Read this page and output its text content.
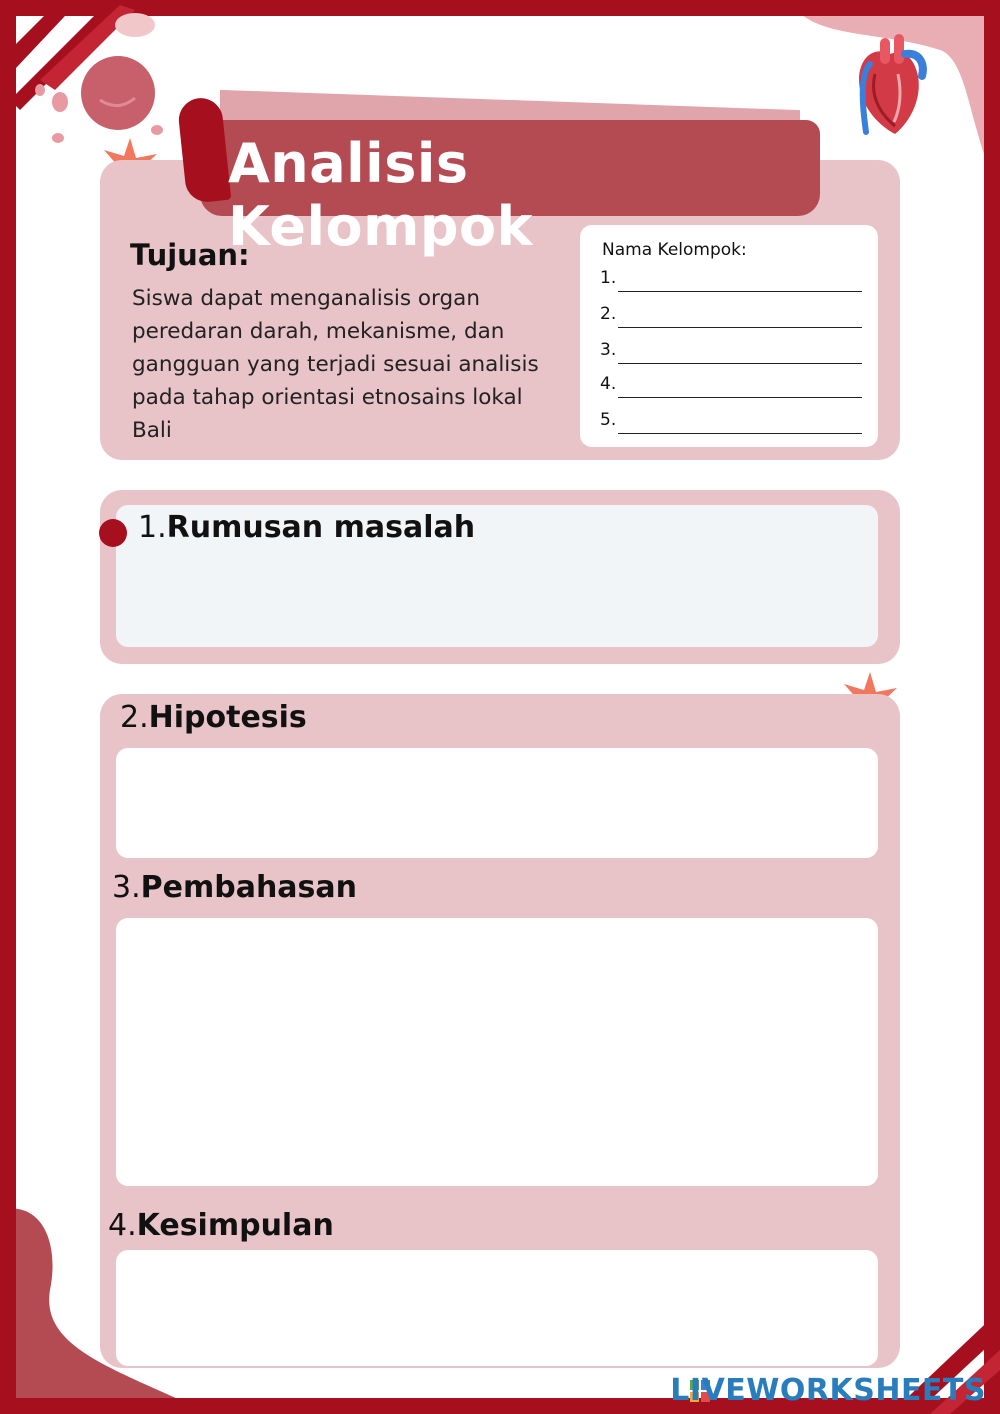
Analisis Kelompok
Tujuan:
Siswa dapat menganalisis organ peredaran darah, mekanisme, dan gangguan yang terjadi sesuai analisis pada tahap orientasi etnosains lokal Bali
Nama Kelompok:
1.
2.
3.
4.
5.
1.Rumusan masalah
2.Hipotesis
3.Pembahasan
4.Kesimpulan
LIVEWORKSHEETS
